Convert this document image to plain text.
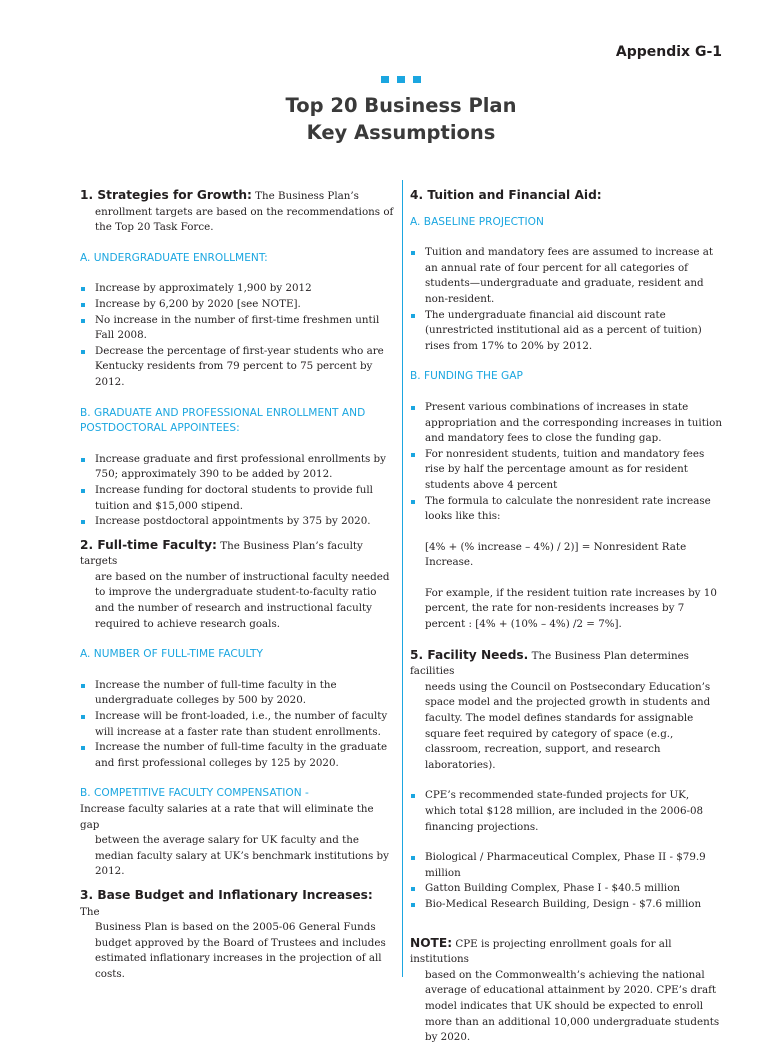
Appendix G-1
Top 20 Business Plan
Key Assumptions

1. Strategies for Growth: The Business Plan’s

enrollment targets are based on the recommendations of the Top 20 Task Force.

A. UNDERGRADUATE ENROLLMENT:
Increase by approximately 1,900 by 2012
Increase by 6,200 by 2020 [see NOTE].
No increase in the number of first-time freshmen until Fall 2008.
Decrease the percentage of first-year students who are Kentucky residents from 79 percent to 75 percent by 2012.
B. GRADUATE AND PROFESSIONAL ENROLLMENT AND POSTDOCTORAL APPOINTEES:
Increase graduate and first professional enrollments by 750; approximately 390 to be added by 2012.
Increase funding for doctoral students to provide full tuition and $15,000 stipend.
Increase postdoctoral appointments by 375 by 2020.

2. Full-time Faculty: The Business Plan’s faculty targets

are based on the number of instructional faculty needed to improve the undergraduate student-to-faculty ratio and the number of research and instructional faculty required to achieve research goals.

A. NUMBER OF FULL-TIME FACULTY
Increase the number of full-time faculty in the undergraduate colleges by 500 by 2020.
Increase will be front-loaded, i.e., the number of faculty will increase at a faster rate than student enrollments.
Increase the number of full-time faculty in the graduate and first professional colleges by 125 by 2020.
B. COMPETITIVE FACULTY COMPENSATION -

Increase faculty salaries at a rate that will eliminate the gap

between the average salary for UK faculty and the median faculty salary at UK’s benchmark institutions by 2012.

3. Base Budget and Inflationary Increases: The

Business Plan is based on the 2005-06 General Funds budget approved by the Board of Trustees and includes estimated inflationary increases in the projection of all costs.

4. Tuition and Financial Aid:

A. BASELINE PROJECTION
Tuition and mandatory fees are assumed to increase at an annual rate of four percent for all categories of students—undergraduate and graduate, resident and non-resident.
The undergraduate financial aid discount rate (unrestricted institutional aid as a percent of tuition) rises from 17% to 20% by 2012.
B. FUNDING THE GAP
Present various combinations of increases in state appropriation and the corresponding increases in tuition and mandatory fees to close the funding gap.
For nonresident students, tuition and mandatory fees rise by half the percentage amount as for resident students above 4 percent
The formula to calculate the nonresident rate increase looks like this:

[4% + (% increase – 4%) / 2)] = Nonresident Rate Increase.

For example, if the resident tuition rate increases by 10 percent, the rate for non-residents increases by 7 percent : [4% + (10% – 4%) /2 = 7%].

5. Facility Needs. The Business Plan determines facilities

needs using the Council on Postsecondary Education’s space model and the projected growth in students and faculty. The model defines standards for assignable square feet required by category of space (e.g., classroom, recreation, support, and research laboratories).

CPE’s recommended state-funded projects for UK, which total $128 million, are included in the 2006-08 financing projections.
Biological / Pharmaceutical Complex, Phase II - $79.9 million
Gatton Building Complex, Phase I - $40.5 million
Bio-Medical Research Building, Design - $7.6 million

NOTE: CPE is projecting enrollment goals for all institutions

based on the Commonwealth’s achieving the national average of educational attainment by 2020. CPE’s draft model indicates that UK should be expected to enroll more than an additional 10,000 undergraduate students by 2020.
